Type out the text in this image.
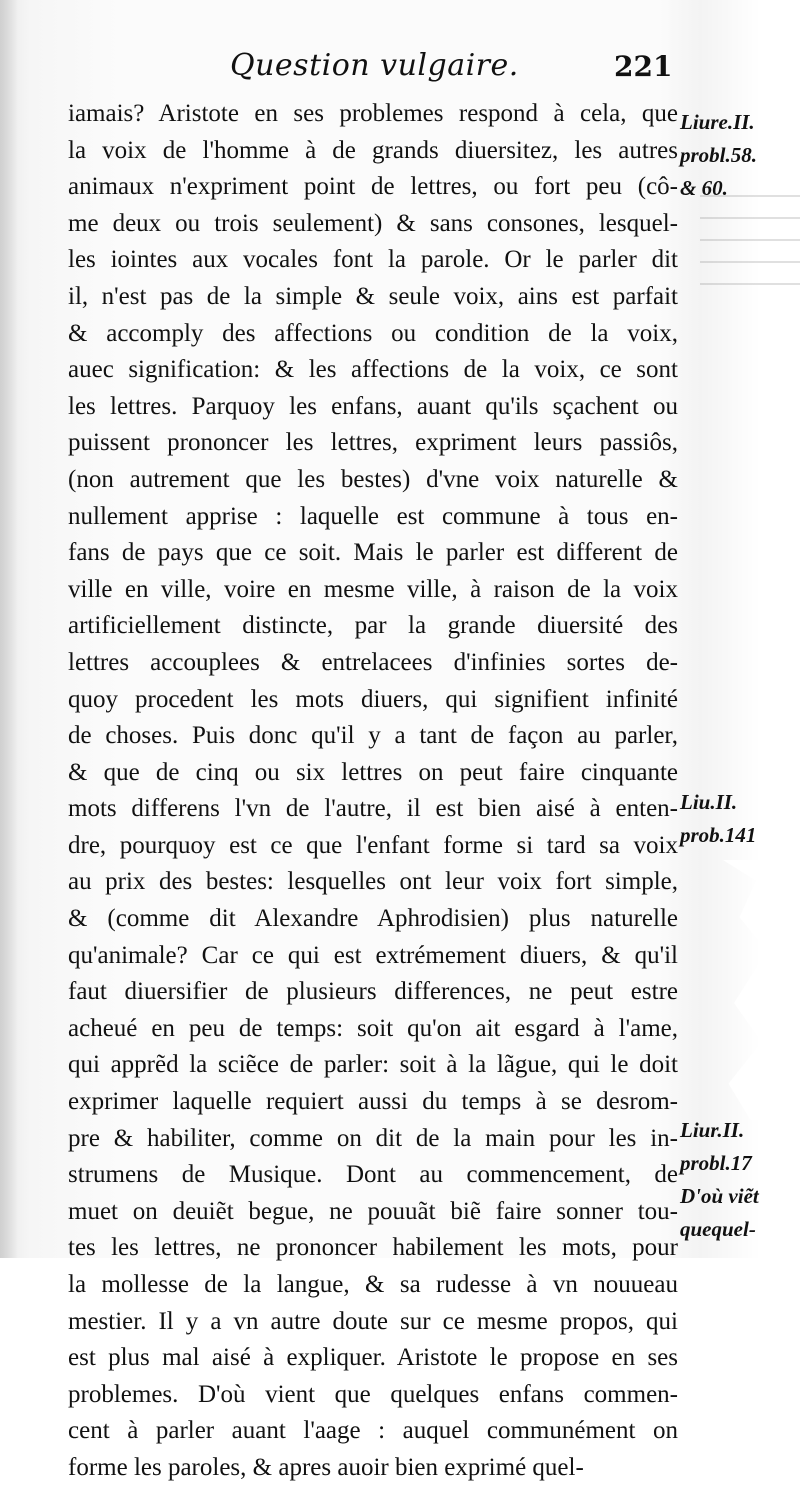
Question vulgaire.	221
iamais? Aristote en ses problemes respond à cela, que
la voix de l'homme à de grands diuersitez, les autres
animaux n'expriment point de lettres, ou fort peu (cô-
me deux ou trois seulement) & sans consones, lesquel-
les iointes aux vocales font la parole. Or le parler dit
il, n'est pas de la simple & seule voix, ains est parfait
& accomply des affections ou condition de la voix,
auec signification: & les affections de la voix, ce sont
les lettres. Parquoy les enfans, auant qu'ils sçachent ou
puissent prononcer les lettres, expriment leurs passiôs,
(non autrement que les bestes) d'vne voix naturelle &
nullement apprise : laquelle est commune à tous en-
fans de pays que ce soit. Mais le parler est different de
ville en ville, voire en mesme ville, à raison de la voix
artificiellement distincte, par la grande diuersité des
lettres accouplees & entrelacees d'infinies sortes de-
quoy procedent les mots diuers, qui signifient infinité
de choses. Puis donc qu'il y a tant de façon au parler,
& que de cinq ou six lettres on peut faire cinquante
mots differens l'vn de l'autre, il est bien aisé à enten-
dre, pourquoy est ce que l'enfant forme si tard sa voix
au prix des bestes: lesquelles ont leur voix fort simple,
& (comme dit Alexandre Aphrodisien) plus naturelle
qu'animale? Car ce qui est extrémement diuers, & qu'il
faut diuersifier de plusieurs differences, ne peut estre
acheué en peu de temps: soit qu'on ait esgard à l'ame,
qui apprẽd la sciẽce de parler: soit à la lãgue, qui le doit
exprimer laquelle requiert aussi du temps à se desrom-
pre & habiliter, comme on dit de la main pour les in-
strumens de Musique. Dont au commencement, de
muet on deuiẽt begue, ne pouuãt biẽ faire sonner tou-
tes les lettres, ne prononcer habilement les mots, pour
la mollesse de la langue, & sa rudesse à vn nouueau
mestier. Il y a vn autre doute sur ce mesme propos, qui
est plus mal aisé à expliquer. Aristote le propose en ses
problemes. D'où vient que quelques enfans commen-
cent à parler auant l'aage : auquel communément on
forme les paroles, & apres auoir bien exprimé quel-
Liure.II.
probl.58.
& 60.
Liu.II.
prob.141
Liur.II.
probl.17
D'où viẽt
quequel-
